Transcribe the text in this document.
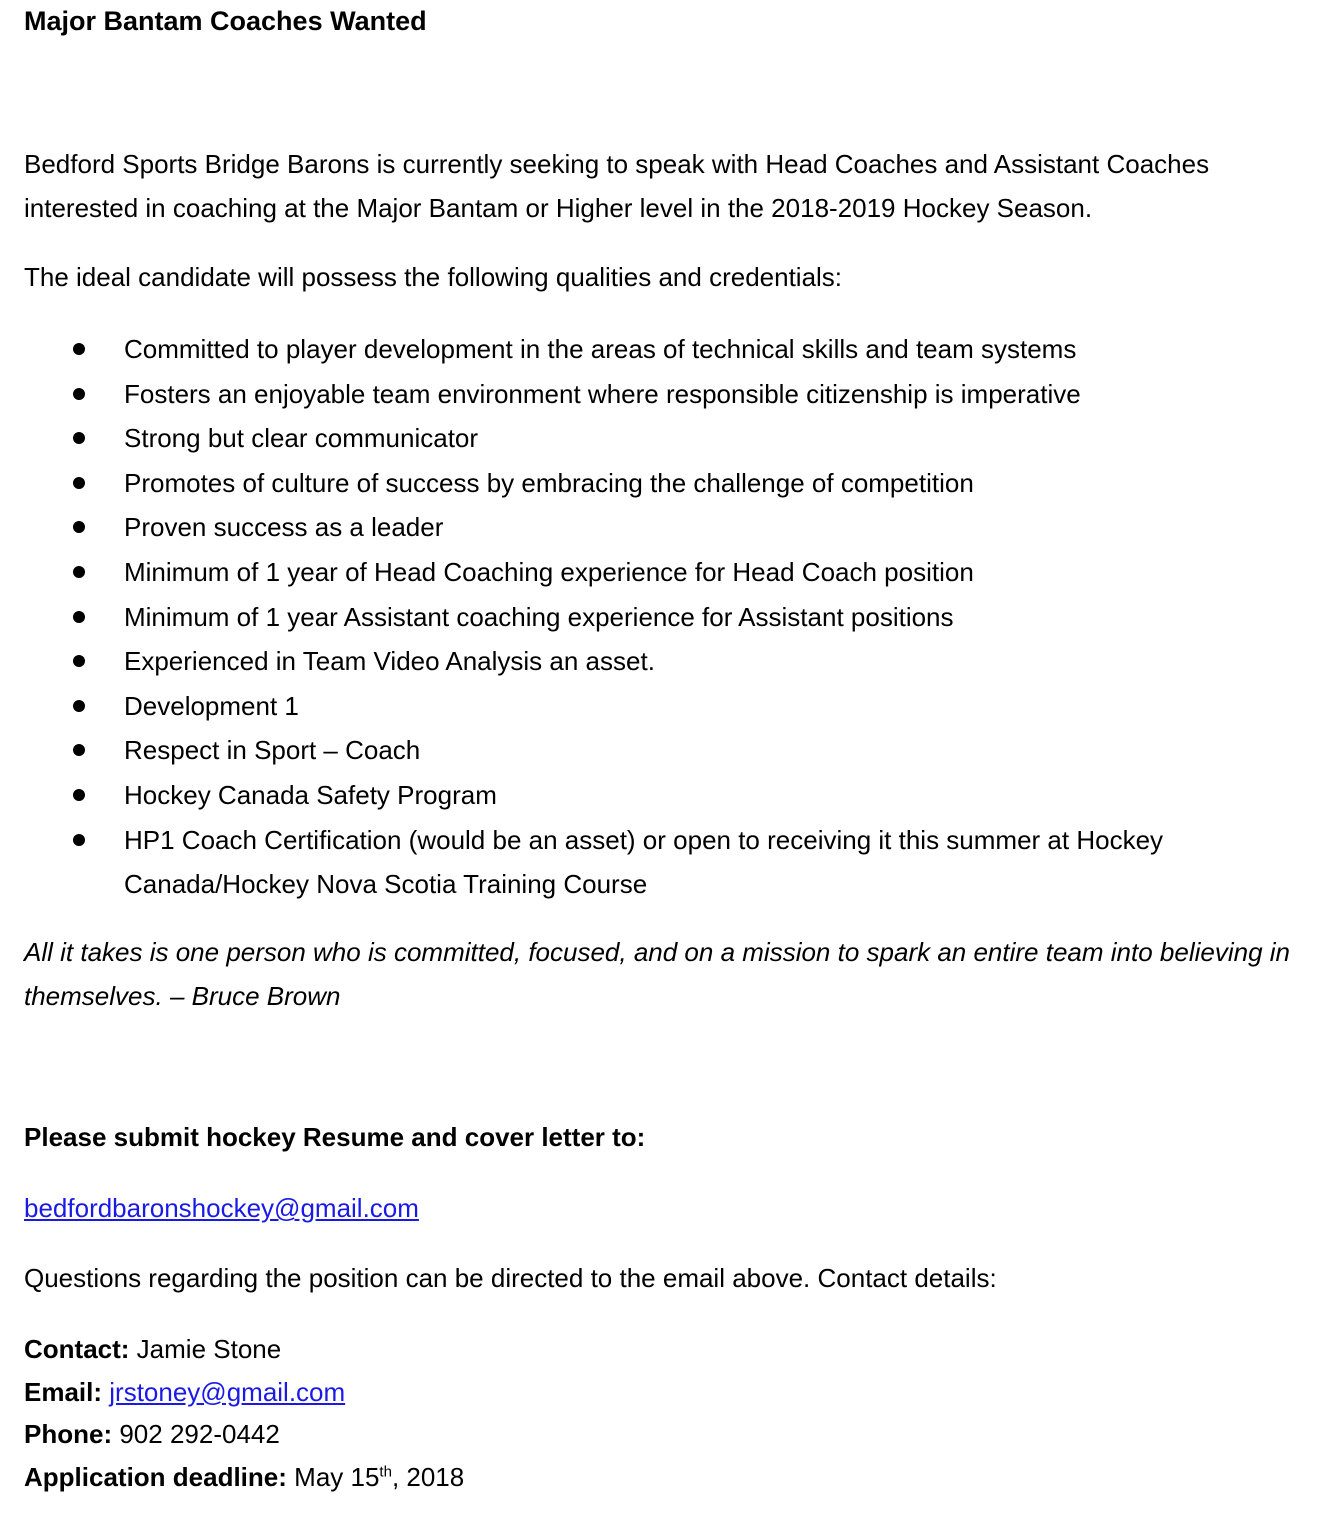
Major Bantam Coaches Wanted

Bedford Sports Bridge Barons is currently seeking to speak with Head Coaches and Assistant Coaches interested in coaching at the Major Bantam or Higher level in the 2018-2019 Hockey Season.

The ideal candidate will possess the following qualities and credentials:

Committed to player development in the areas of technical skills and team systems
Fosters an enjoyable team environment where responsible citizenship is imperative
Strong but clear communicator
Promotes of culture of success by embracing the challenge of competition
Proven success as a leader
Minimum of 1 year of Head Coaching experience for Head Coach position
Minimum of 1 year Assistant coaching experience for Assistant positions
Experienced in Team Video Analysis an asset.
Development 1
Respect in Sport – Coach
Hockey Canada Safety Program
HP1 Coach Certification (would be an asset) or open to receiving it this summer at Hockey Canada/Hockey Nova Scotia Training Course

All it takes is one person who is committed, focused, and on a mission to spark an entire team into believing in themselves. – Bruce Brown

Please submit hockey Resume and cover letter to:

bedfordbaronshockey@gmail.com

Questions regarding the position can be directed to the email above. Contact details:

Contact: Jamie Stone
Email: jrstoney@gmail.com
Phone: 902 292-0442
Application deadline: May 15th, 2018
